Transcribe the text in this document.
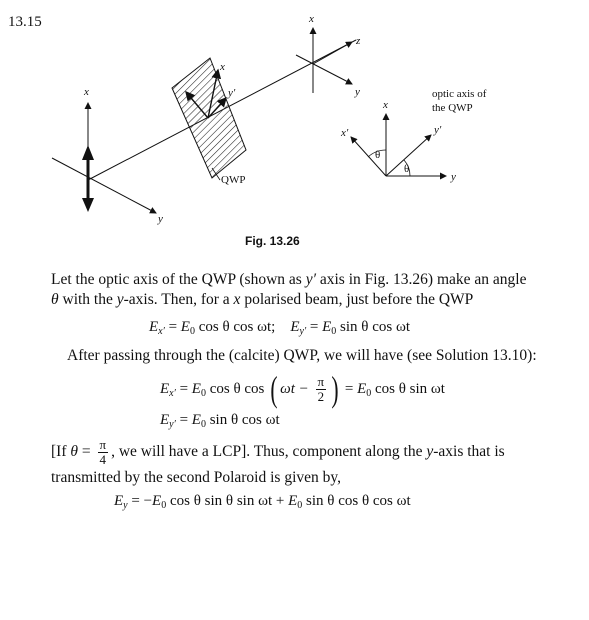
13.15
x
y
x
y′
QWP
x
z
y	optic axis of
the QWP
θ
θ
x
x′	y′
y
Fig. 13.26
Let the optic axis of the QWP (shown as y′ axis in Fig. 13.26) make an angle
θ with the y-axis. Then, for a x polarised beam, just before the QWP
$E_{x'} = E_0$ cos θ cos ωt; $E_{y'} = E_0$ sin θ cos ωt
After passing through the (calcite) QWP, we will have (see Solution 13.10):
$E_{x'} = E_0$ cos θ cos ( $\omega t - \frac{\pi}{2}$ ) = $E_0$ cos θ sin ωt
$E_{y'} = E_0$ sin θ cos ωt
[If $\theta = \frac{\pi}{4}$ , we will have a LCP]. Thus, component along the y-axis that is
transmitted by the second Polaroid is given by,
$E_y = -E_0$ cos θ sin θ $\sin \omega t + E_0$ sin θ cos θ cos ωt
